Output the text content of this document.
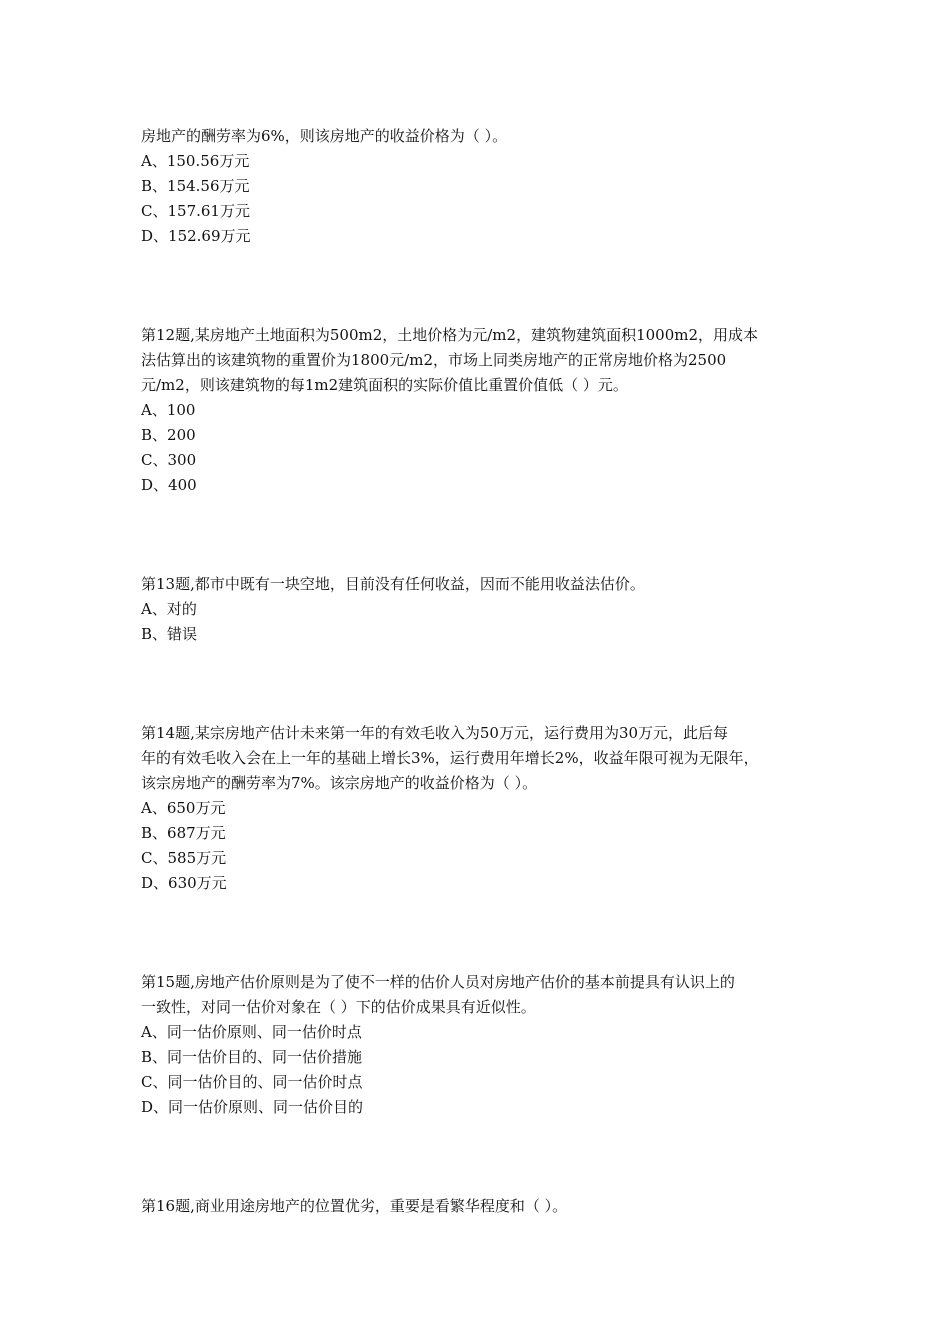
房地产的酬劳率为6%，则该房地产的收益价格为（ ）。
A、150.56万元
B、154.56万元
C、157.61万元
D、152.69万元
第12题,某房地产土地面积为500m2，土地价格为元/m2，建筑物建筑面积1000m2，用成本
法估算出的该建筑物的重置价为1800元/m2，市场上同类房地产的正常房地价格为2500
元/m2，则该建筑物的每1m2建筑面积的实际价值比重置价值低（ ）元。
A、100
B、200
C、300
D、400
第13题,都市中既有一块空地，目前没有任何收益，因而不能用收益法估价。
A、对的
B、错误
第14题,某宗房地产估计未来第一年的有效毛收入为50万元，运行费用为30万元，此后每
年的有效毛收入会在上一年的基础上增长3%，运行费用年增长2%，收益年限可视为无限年，
该宗房地产的酬劳率为7%。该宗房地产的收益价格为（ ）。
A、650万元
B、687万元
C、585万元
D、630万元
第15题,房地产估价原则是为了使不一样的估价人员对房地产估价的基本前提具有认识上的
一致性，对同一估价对象在（ ）下的估价成果具有近似性。
A、同一估价原则、同一估价时点
B、同一估价目的、同一估价措施
C、同一估价目的、同一估价时点
D、同一估价原则、同一估价目的
第16题,商业用途房地产的位置优劣，重要是看繁华程度和（ ）。
